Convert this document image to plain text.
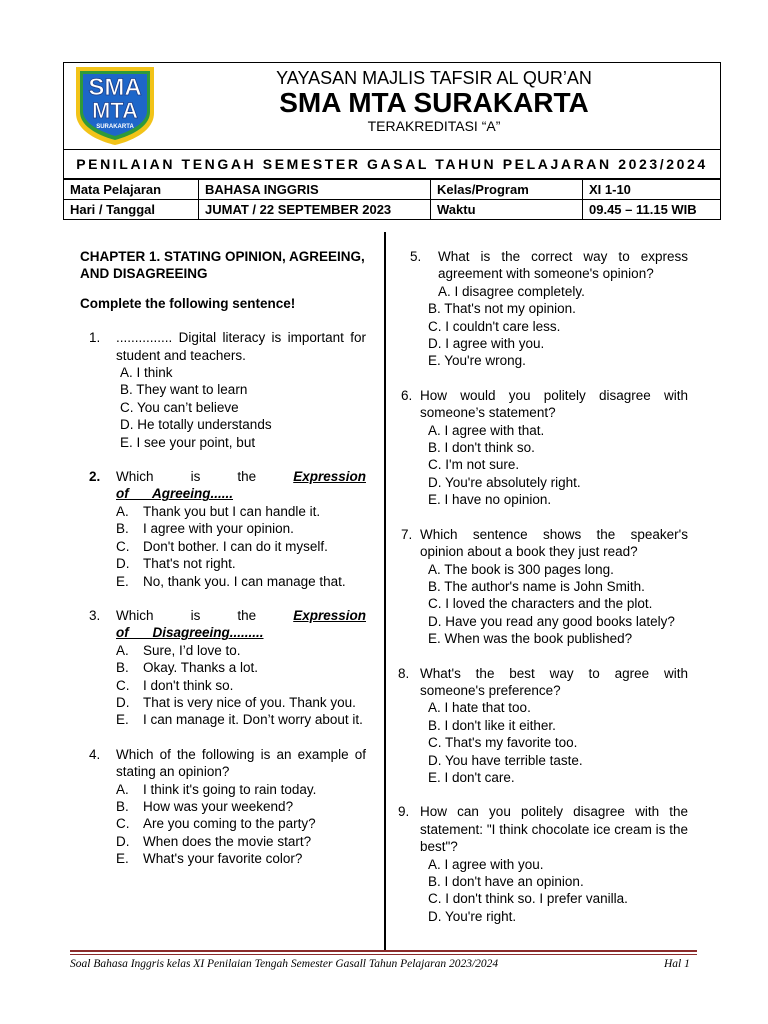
SMA
MTA
SURAKARTA
YAYASAN MAJLIS TAFSIR AL QUR’AN
SMA MTA SURAKARTA
TERAKREDITASI “A”
PENILAIAN TENGAH SEMESTER GASAL TAHUN PELAJARAN 2023/2024
Mata Pelajaran	BAHASA INGGRIS	Kelas/Program	XI 1-10
Hari / Tanggal	JUMAT / 22 SEPTEMBER 2023	Waktu	09.45 – 11.15 WIB

CHAPTER 1. STATING OPINION, AGREEING, AND DISAGREEING

Complete the following sentence!

1.	............... Digital literacy is important for student and teachers.
A. I think
B. They want to learn
C. You can’t believe
D. He totally understands
E. I see your point, but
2.	Which is the Expression of Agreeing......
A.	Thank you but I can handle it.
B.	I agree with your opinion.
C.	Don't bother. I can do it myself.
D.	That's not right.
E.	No, thank you. I can manage that.
3.	Which is the Expression of Disagreeing.........
A.	Sure, I’d love to.
B.	Okay. Thanks a lot.
C.	I don't think so.
D.	That is very nice of you. Thank you.
E.	I can manage it. Don’t worry about it.
4.	Which of the following is an example of stating an opinion?
A.	I think it's going to rain today.
B.	How was your weekend?
C.	Are you coming to the party?
D.	When does the movie start?
E.	What's your favorite color?
5.	What is the correct way to express agreement with someone's opinion?
A. I disagree completely.
B. That's not my opinion.
C. I couldn't care less.
D. I agree with you.
E. You're wrong.
6. How would you politely disagree with someone’s statement?
A. I agree with that.
B. I don't think so.
C. I'm not sure.
D. You're absolutely right.
E. I have no opinion.
7. Which sentence shows the speaker's opinion about a book they just read?
A. The book is 300 pages long.
B. The author's name is John Smith.
C. I loved the characters and the plot.
D. Have you read any good books lately?
E. When was the book published?
8. What's the best way to agree with someone's preference?
A. I hate that too.
B. I don't like it either.
C. That's my favorite too.
D. You have terrible taste.
E. I don't care.
9. How can you politely disagree with the statement: "I think chocolate ice cream is the best"?
A. I agree with you.
B. I don't have an opinion.
C. I don't think so. I prefer vanilla.
D. You're right.
Soal Bahasa Inggris kelas XI Penilaian Tengah Semester Gasall Tahun Pelajaran 2023/2024	Hal 1
